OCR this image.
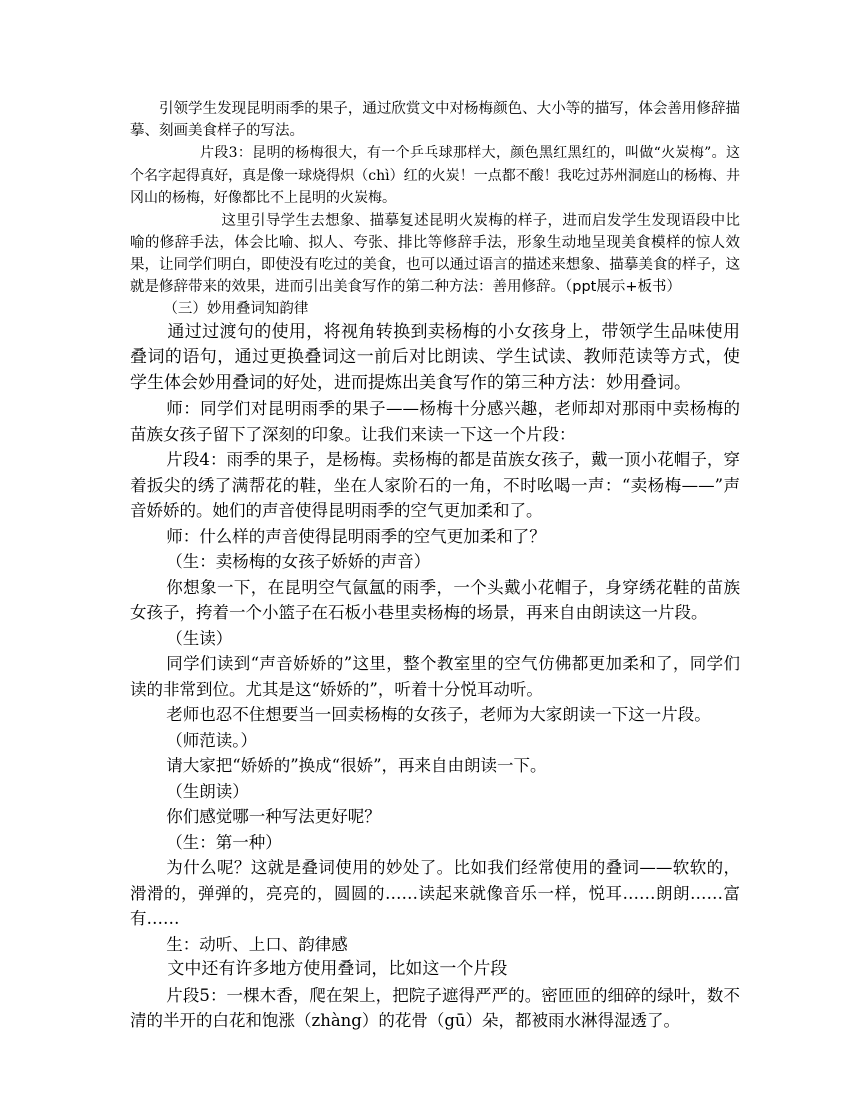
引领学生发现昆明雨季的果子，通过欣赏文中对杨梅颜色、大小等的描写，体会善用修辞描摹、刻画美食样子的写法。

片段3：昆明的杨梅很大，有一个乒乓球那样大，颜色黑红黑红的，叫做“火炭梅”。这个名字起得真好，真是像一球烧得炽（chì）红的火炭！一点都不酸！我吃过苏州洞庭山的杨梅、井冈山的杨梅，好像都比不上昆明的火炭梅。

这里引导学生去想象、描摹复述昆明火炭梅的样子，进而启发学生发现语段中比喻的修辞手法，体会比喻、拟人、夸张、排比等修辞手法，形象生动地呈现美食模样的惊人效果，让同学们明白，即使没有吃过的美食，也可以通过语言的描述来想象、描摹美食的样子，这就是修辞带来的效果，进而引出美食写作的第二种方法：善用修辞。（ppt展示+板书）

（三）妙用叠词知韵律

通过过渡句的使用，将视角转换到卖杨梅的小女孩身上，带领学生品味使用叠词的语句，通过更换叠词这一前后对比朗读、学生试读、教师范读等方式，使学生体会妙用叠词的好处，进而提炼出美食写作的第三种方法：妙用叠词。

师：同学们对昆明雨季的果子——杨梅十分感兴趣，老师却对那雨中卖杨梅的苗族女孩子留下了深刻的印象。让我们来读一下这一个片段：

片段4：雨季的果子，是杨梅。卖杨梅的都是苗族女孩子，戴一顶小花帽子，穿着扳尖的绣了满帮花的鞋，坐在人家阶石的一角，不时吆喝一声：“卖杨梅——”声音娇娇的。她们的声音使得昆明雨季的空气更加柔和了。

师：什么样的声音使得昆明雨季的空气更加柔和了？

（生：卖杨梅的女孩子娇娇的声音）

你想象一下，在昆明空气氤氲的雨季，一个头戴小花帽子，身穿绣花鞋的苗族女孩子，挎着一个小篮子在石板小巷里卖杨梅的场景，再来自由朗读这一片段。

（生读）

同学们读到“声音娇娇的”这里，整个教室里的空气仿佛都更加柔和了，同学们读的非常到位。尤其是这“娇娇的”，听着十分悦耳动听。

老师也忍不住想要当一回卖杨梅的女孩子，老师为大家朗读一下这一片段。

（师范读。）

请大家把“娇娇的”换成“很娇”，再来自由朗读一下。

（生朗读）

你们感觉哪一种写法更好呢？

（生：第一种）

为什么呢？这就是叠词使用的妙处了。比如我们经常使用的叠词——软软的，滑滑的，弹弹的，亮亮的，圆圆的……读起来就像音乐一样，悦耳……朗朗……富有……

生：动听、上口、韵律感

文中还有许多地方使用叠词，比如这一个片段

片段5：一棵木香，爬在架上，把院子遮得严严的。密匝匝的细碎的绿叶，数不清的半开的白花和饱涨（zhàng）的花骨（gū）朵，都被雨水淋得湿透了。
